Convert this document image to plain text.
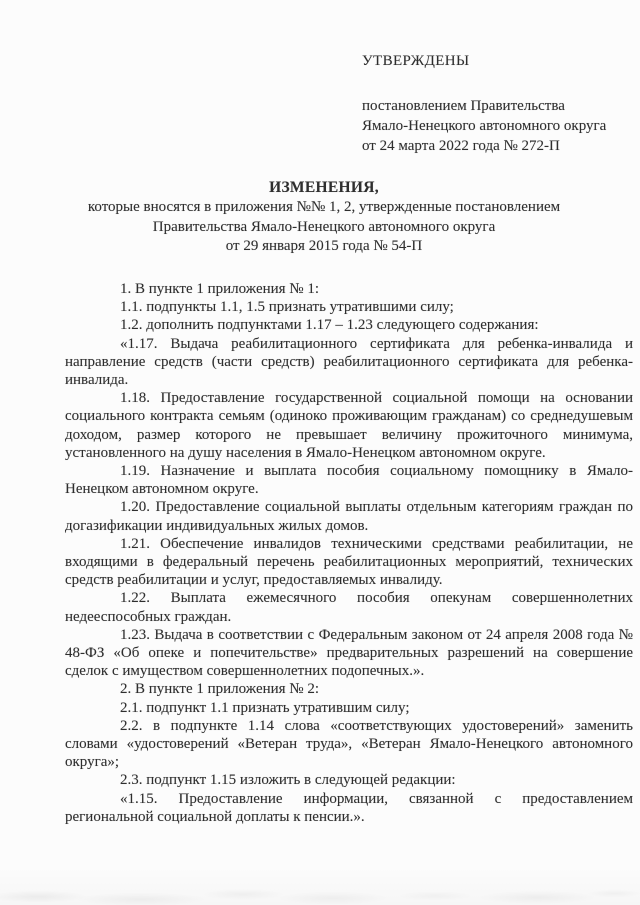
УТВЕРЖДЕНЫ
постановлением Правительства
Ямало-Ненецкого автономного округа
от 24 марта 2022 года № 272-П
ИЗМЕНЕНИЯ,
которые вносятся в приложения №№ 1, 2, утвержденные постановлением
Правительства Ямало-Ненецкого автономного округа
от 29 января 2015 года № 54-П

1. В пункте 1 приложения № 1:

1.1. подпункты 1.1, 1.5 признать утратившими силу;

1.2. дополнить подпунктами 1.17 – 1.23 следующего содержания:

«1.17. Выдача реабилитационного сертификата для ребенка-инвалида и направление средств (части средств) реабилитационного сертификата для ребенка-инвалида.

1.18. Предоставление государственной социальной помощи на основании социального контракта семьям (одиноко проживающим гражданам) со среднедушевым доходом, размер которого не превышает величину прожиточного минимума, установленного на душу населения в Ямало-Ненецком автономном округе.

1.19. Назначение и выплата пособия социальному помощнику в Ямало-Ненецком автономном округе.

1.20. Предоставление социальной выплаты отдельным категориям граждан по догазификации индивидуальных жилых домов.

1.21. Обеспечение инвалидов техническими средствами реабилитации, не входящими в федеральный перечень реабилитационных мероприятий, технических средств реабилитации и услуг, предоставляемых инвалиду.

1.22. Выплата ежемесячного пособия опекунам совершеннолетних недееспособных граждан.

1.23. Выдача в соответствии с Федеральным законом от 24 апреля 2008 года № 48-ФЗ «Об опеке и попечительстве» предварительных разрешений на совершение сделок с имуществом совершеннолетних подопечных.».

2. В пункте 1 приложения № 2:

2.1. подпункт 1.1 признать утратившим силу;

2.2. в подпункте 1.14 слова «соответствующих удостоверений» заменить словами «удостоверений «Ветеран труда», «Ветеран Ямало-Ненецкого автономного округа»;

2.3. подпункт 1.15 изложить в следующей редакции:

«1.15. Предоставление информации, связанной с предоставлением региональной социальной доплаты к пенсии.».
